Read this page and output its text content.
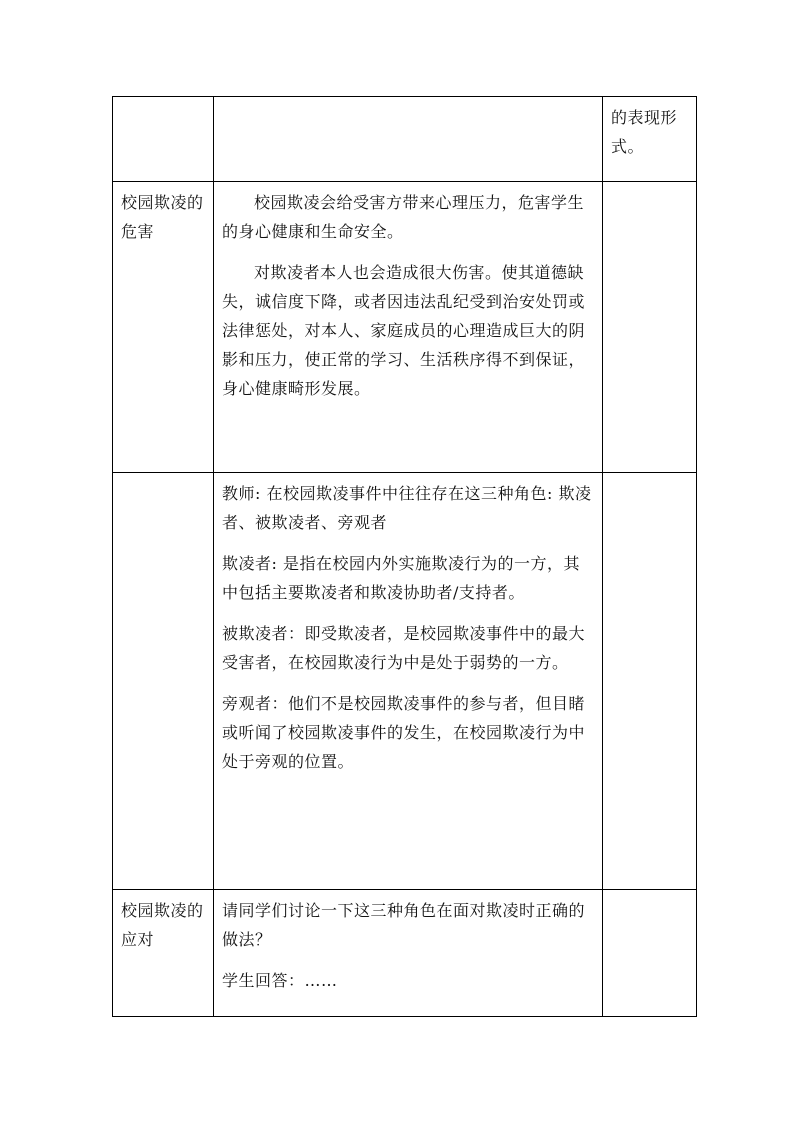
		的表现形式。
校园欺凌的危害	校园欺凌会给受害方带来心理压力，危害学生的身心健康和生命安全。

对欺凌者本人也会造成很大伤害。使其道德缺失，诚信度下降，或者因违法乱纪受到治安处罚或法律惩处，对本人、家庭成员的心理造成巨大的阴影和压力，使正常的学习、生活秩序得不到保证，身心健康畸形发展。	

	教师: 在校园欺凌事件中往往存在这三种角色: 欺凌者、被欺凌者、旁观者

欺凌者: 是指在校园内外实施欺凌行为的一方，其中包括主要欺凌者和欺凌协助者/支持者。

被欺凌者：即受欺凌者，是校园欺凌事件中的最大受害者，在校园欺凌行为中是处于弱势的一方。

旁观者：他们不是校园欺凌事件的参与者，但目睹或听闻了校园欺凌事件的发生，在校园欺凌行为中处于旁观的位置。	

校园欺凌的应对	请同学们讨论一下这三种角色在面对欺凌时正确的做法？

学生回答：……	
